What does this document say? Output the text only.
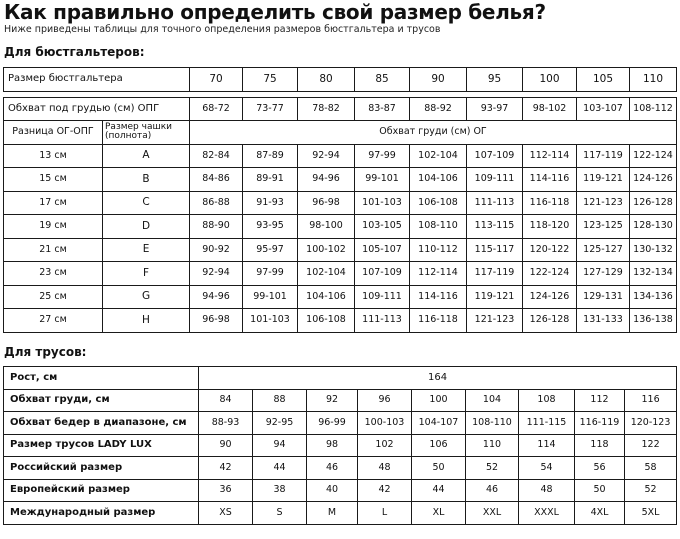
Как правильно определить свой размер белья?
Ниже приведены таблицы для точного определения размеров бюстгальтера и трусов
Для бюстгальтеров:
Размер бюстгальтера		70	75	80	85	90	95	100	105	110

Обхват под грудью (см) ОПГ		68-72	73-77	78-82	83-87	88-92	93-97	98-102	103-107	108-112
Разница ОГ-ОПГ	Размер чашки (полнота)	Обхват груди (см) ОГ								
13 см	A	82-84	87-89	92-94	97-99	102-104	107-109	112-114	117-119	122-124
15 см	B	84-86	89-91	94-96	99-101	104-106	109-111	114-116	119-121	124-126
17 см	C	86-88	91-93	96-98	101-103	106-108	111-113	116-118	121-123	126-128
19 см	D	88-90	93-95	98-100	103-105	108-110	113-115	118-120	123-125	128-130
21 см	E	90-92	95-97	100-102	105-107	110-112	115-117	120-122	125-127	130-132
23 см	F	92-94	97-99	102-104	107-109	112-114	117-119	122-124	127-129	132-134
25 см	G	94-96	99-101	104-106	109-111	114-116	119-121	124-126	129-131	134-136
27 см	H	96-98	101-103	106-108	111-113	116-118	121-123	126-128	131-133	136-138
Для трусов:
Рост, см	164								
Обхват груди, см	84	88	92	96	100	104	108	112	116
Обхват бедер в диапазоне, см	88-93	92-95	96-99	100-103	104-107	108-110	111-115	116-119	120-123
Размер трусов LADY LUX	90	94	98	102	106	110	114	118	122
Российский размер	42	44	46	48	50	52	54	56	58
Европейский размер	36	38	40	42	44	46	48	50	52
Международный размер	XS	S	M	L	XL	XXL	XXXL	4XL	5XL
